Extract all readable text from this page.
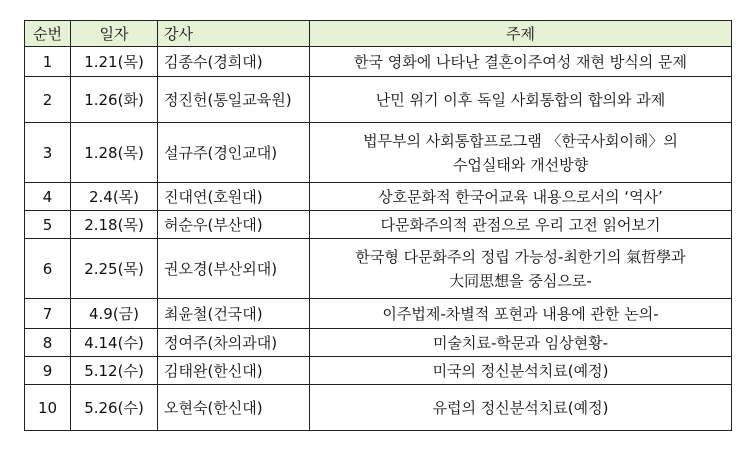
순번	일자	강사	주제
1	1.21(목)	김종수(경희대)	한국 영화에 나타난 결혼이주여성 재현 방식의 문제

2	1.26(화)	정진헌(통일교육원)	난민 위기 이후 독일 사회통합의 합의와 과제

3	1.28(목)	설규주(경인교대)	법무부의 사회통합프로그램 〈한국사회이해〉의
수업실태와 개선방향

4	2.4(목)	진대연(호원대)	상호문화적 한국어교육 내용으로서의 ‘역사’

5	2.18(목)	허순우(부산대)	다문화주의적 관점으로 우리 고전 읽어보기

6	2.25(목)	권오경(부산외대)	한국형 다문화주의 정립 가능성-최한기의 氣哲學과
大同思想을 중심으로-

7	4.9(금)	최윤철(건국대)	이주법제-차별적 포현과 내용에 관한 논의-

8	4.14(수)	정여주(차의과대)	미술치료-학문과 임상현황-

9	5.12(수)	김태완(한신대)	미국의 정신분석치료(예정)

10	5.26(수)	오현숙(한신대)	유럽의 정신분석치료(예정)
